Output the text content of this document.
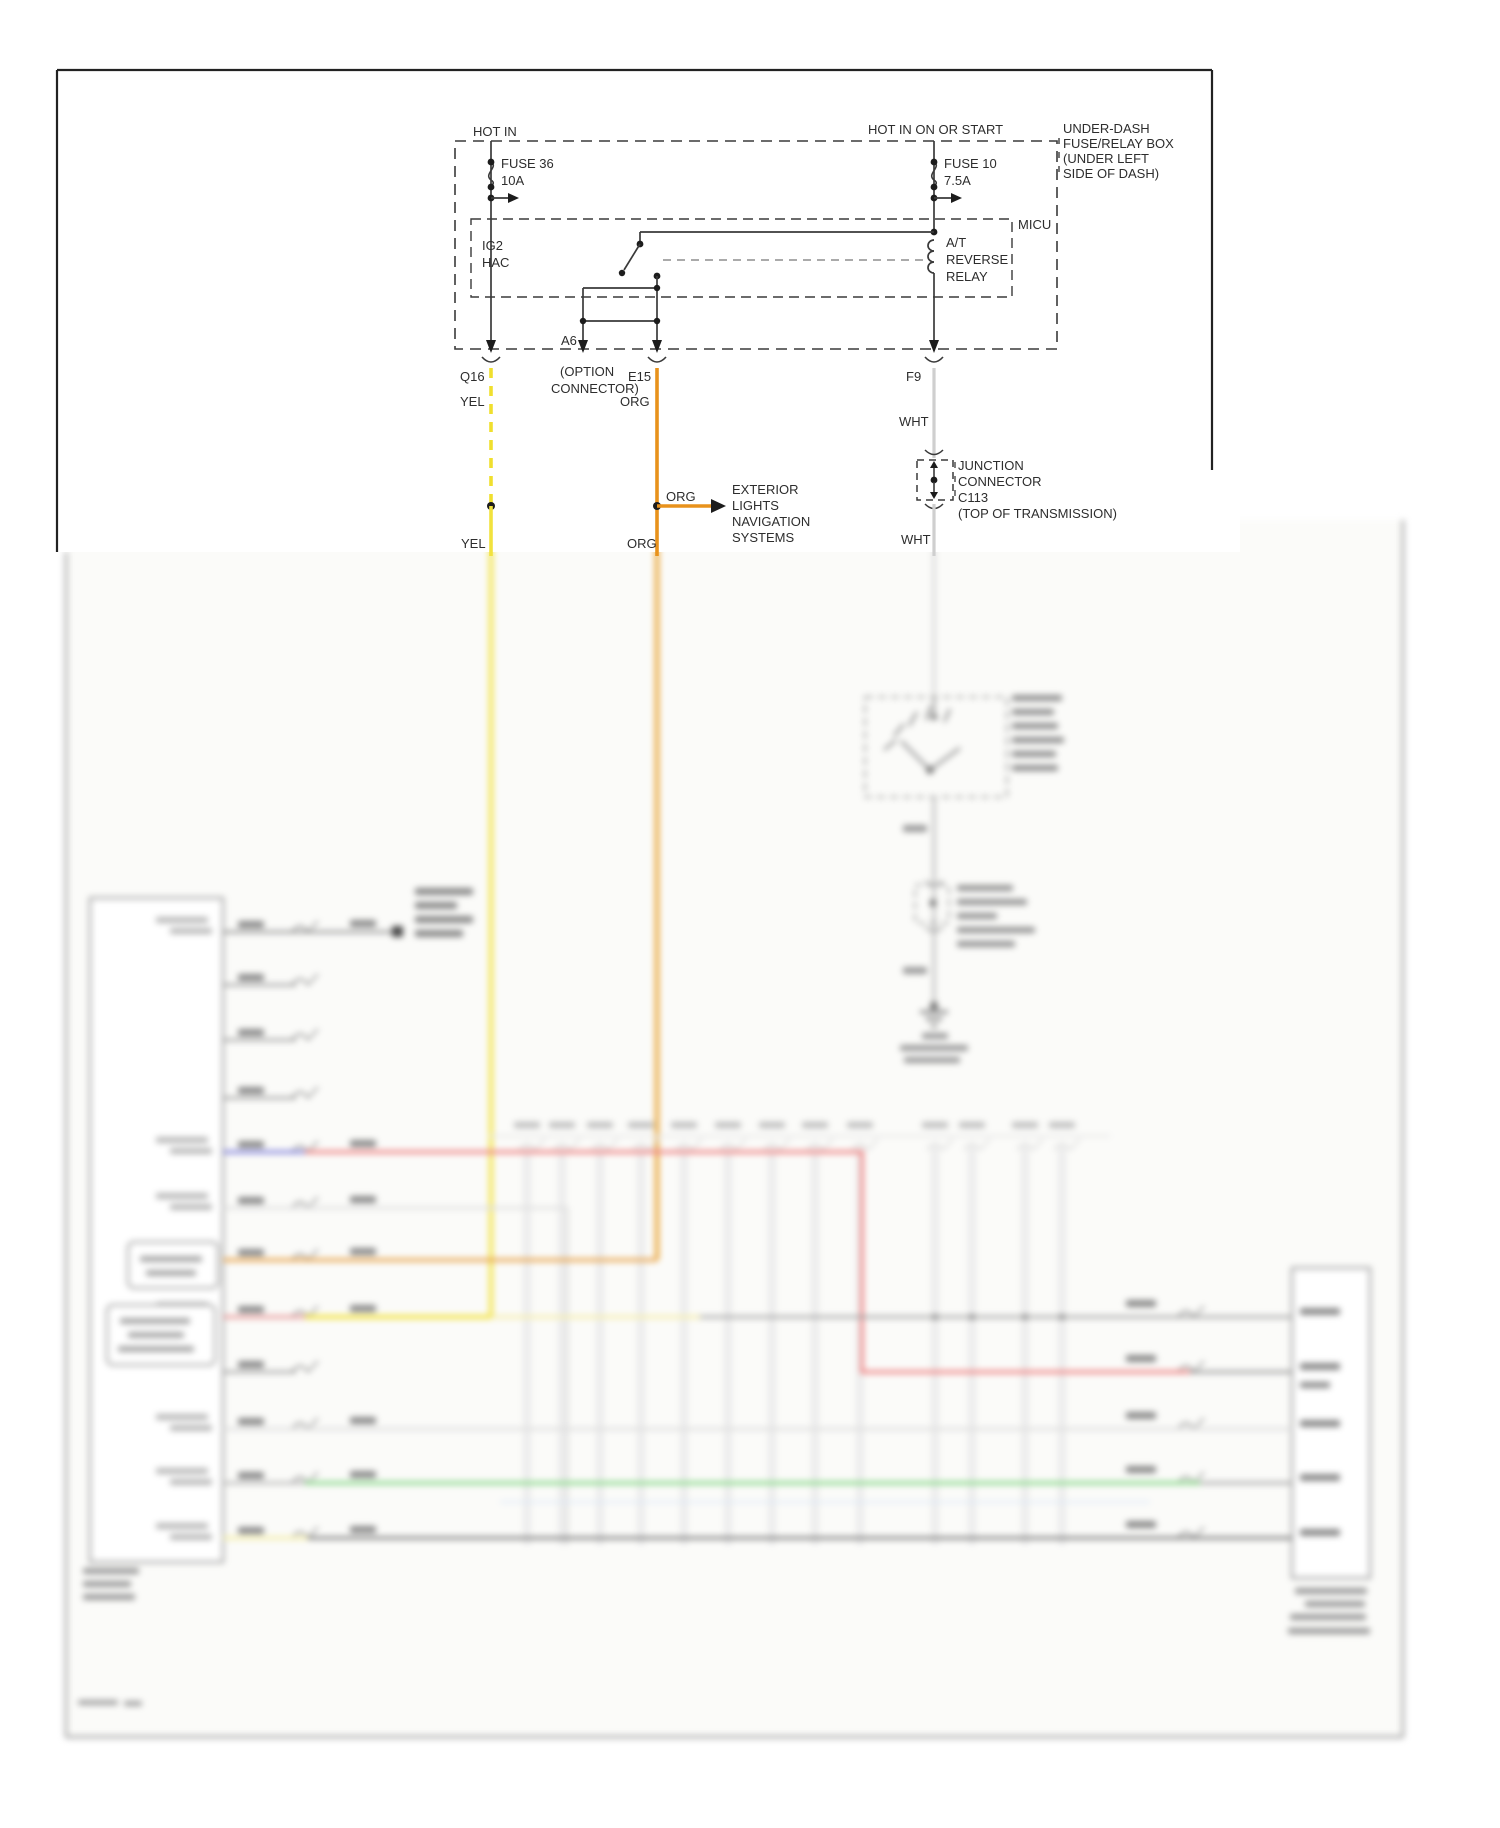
HOT IN	HOT IN ON OR START
FUSE 36
10A
FUSE 10
7.5A
UNDER-DASH
FUSE/RELAY BOX
(UNDER LEFT
SIDE OF DASH)
MICU
IG2
HAC
A/T
REVERSE
RELAY
Q16
A6
(OPTION
CONNECTOR)
E15	F9
YEL	ORG
WHT
YEL
ORG
ORG
EXTERIOR
LIGHTS
NAVIGATION
SYSTEMS
JUNCTION
CONNECTOR
C113
(TOP OF TRANSMISSION)
WHT
